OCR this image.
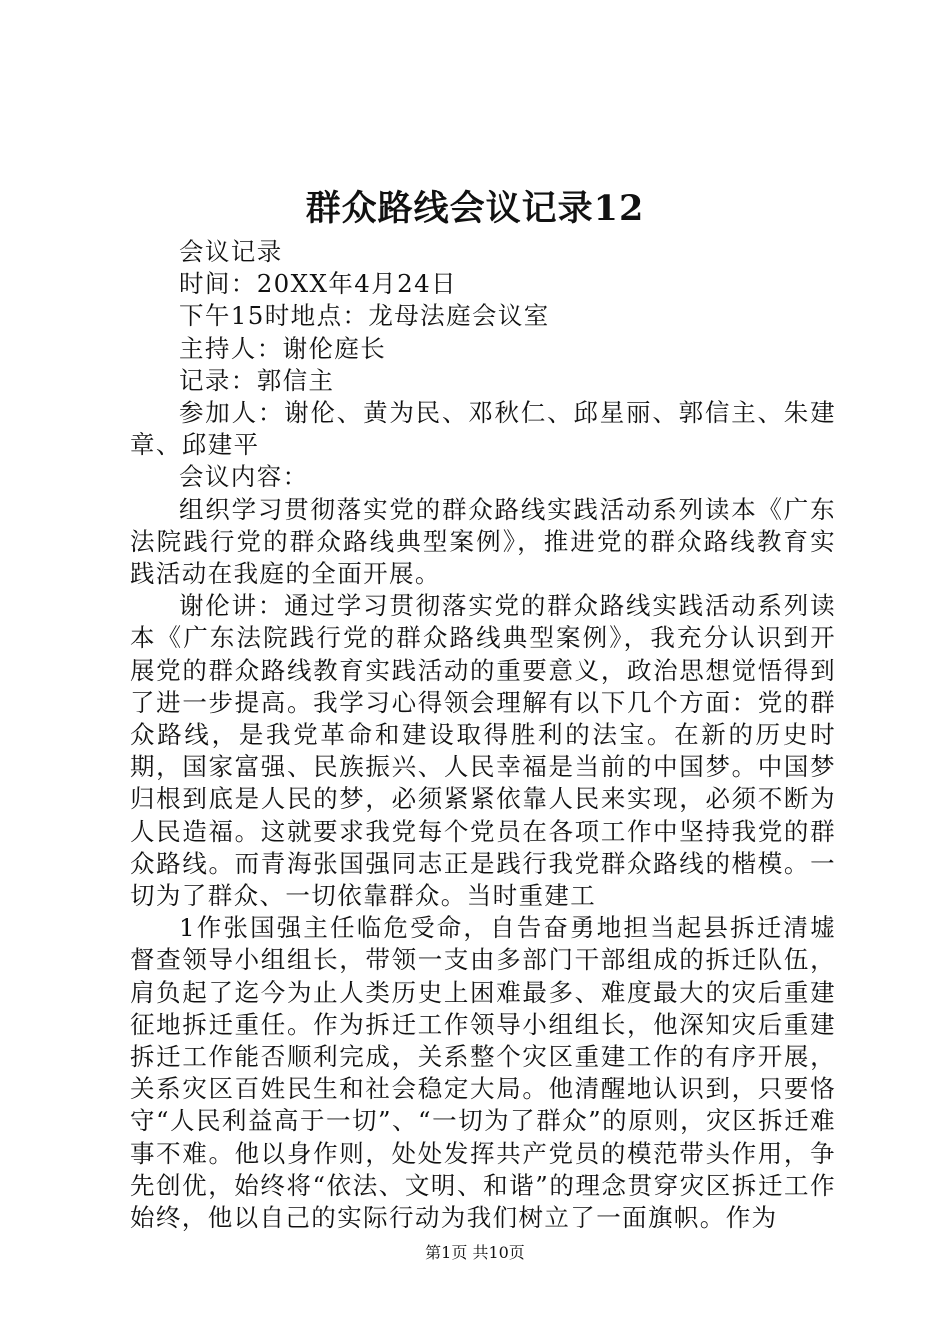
群众路线会议记录12

会议记录

时间：20XX年4月24日

下午15时地点：龙母法庭会议室

主持人：谢伦庭长

记录：郭信主

参加人：谢伦、黄为民、邓秋仁、邱星丽、郭信主、朱建章、邱建平

会议内容：

组织学习贯彻落实党的群众路线实践活动系列读本《广东法院践行党的群众路线典型案例》，推进党的群众路线教育实践活动在我庭的全面开展。

谢伦讲：通过学习贯彻落实党的群众路线实践活动系列读本《广东法院践行党的群众路线典型案例》，我充分认识到开展党的群众路线教育实践活动的重要意义，政治思想觉悟得到了进一步提高。我学习心得领会理解有以下几个方面：党的群众路线，是我党革命和建设取得胜利的法宝。在新的历史时期，国家富强、民族振兴、人民幸福是当前的中国梦。中国梦归根到底是人民的梦，必须紧紧依靠人民来实现，必须不断为人民造福。这就要求我党每个党员在各项工作中坚持我党的群众路线。而青海张国强同志正是践行我党群众路线的楷模。一切为了群众、一切依靠群众。当时重建工

1作张国强主任临危受命，自告奋勇地担当起县拆迁清墟督查领导小组组长，带领一支由多部门干部组成的拆迁队伍，肩负起了迄今为止人类历史上困难最多、难度最大的灾后重建征地拆迁重任。作为拆迁工作领导小组组长，他深知灾后重建拆迁工作能否顺利完成，关系整个灾区重建工作的有序开展，关系灾区百姓民生和社会稳定大局。他清醒地认识到，只要恪守“人民利益高于一切”、“一切为了群众”的原则，灾区拆迁难事不难。他以身作则，处处发挥共产党员的模范带头作用，争先创优，始终将“依法、文明、和谐”的理念贯穿灾区拆迁工作始终，他以自己的实际行动为我们树立了一面旗帜。作为

第1页 共10页
